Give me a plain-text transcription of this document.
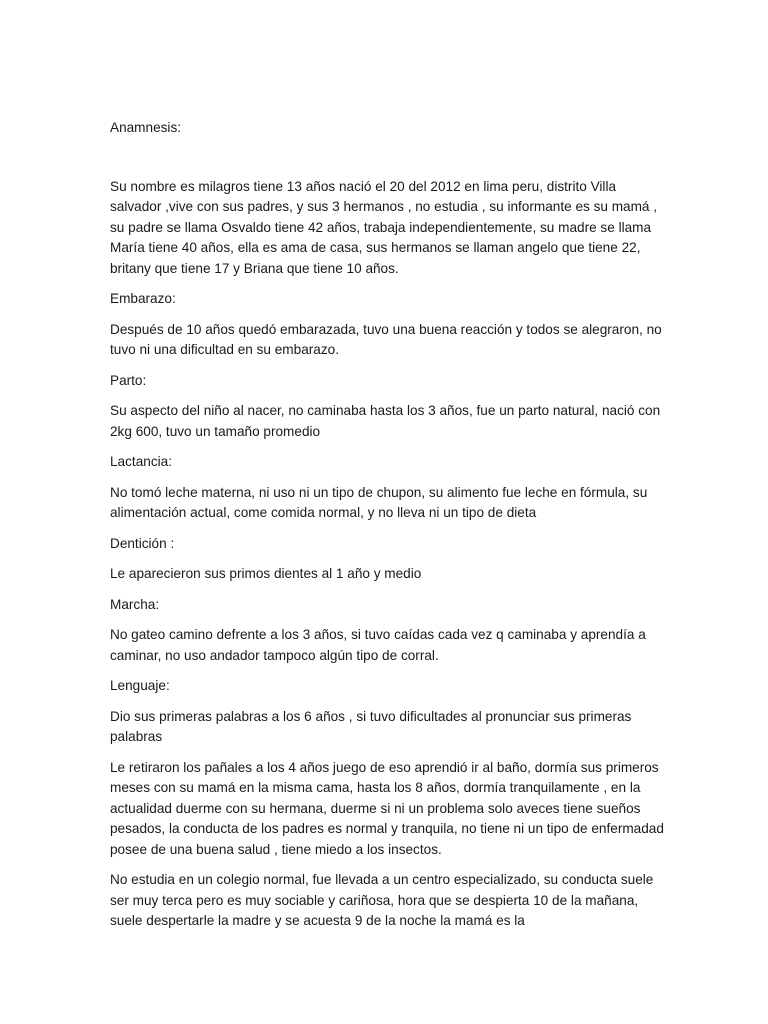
Anamnesis:

Su nombre es milagros tiene 13 años nació el 20 del 2012 en lima peru, distrito Villa salvador ,vive con sus padres, y sus 3 hermanos , no estudia , su informante es su mamá , su padre se llama Osvaldo tiene 42 años, trabaja independientemente, su madre se llama María tiene 40 años, ella es ama de casa, sus hermanos se llaman angelo que tiene 22, britany que tiene 17 y Briana que tiene 10 años.

Embarazo:

Después de 10 años quedó embarazada, tuvo una buena reacción y todos se alegraron, no tuvo ni una dificultad en su embarazo.

Parto:

Su aspecto del niño al nacer, no caminaba hasta los 3 años, fue un parto natural, nació con 2kg 600, tuvo un tamaño promedio

Lactancia:

No tomó leche materna, ni uso ni un tipo de chupon, su alimento fue leche en fórmula, su alimentación actual, come comida normal, y no lleva ni un tipo de dieta

Dentición :

Le aparecieron sus primos dientes al 1 año y medio

Marcha:

No gateo camino defrente a los 3 años, si tuvo caídas cada vez q caminaba y aprendía a caminar, no uso andador tampoco algún tipo de corral.

Lenguaje:

Dio sus primeras palabras a los 6 años , si tuvo dificultades al pronunciar sus primeras palabras

Le retiraron los pañales a los 4 años juego de eso aprendió ir al baño, dormía sus primeros meses con su mamá en la misma cama, hasta los 8 años, dormía tranquilamente , en la actualidad duerme con su hermana, duerme si ni un problema solo aveces tiene sueños pesados, la conducta de los padres es normal y tranquila, no tiene ni un tipo de enfermadad posee de una buena salud , tiene miedo a los insectos.

No estudia en un colegio normal, fue llevada a un centro especializado, su conducta suele ser muy terca pero es muy sociable y cariñosa, hora que se despierta 10 de la mañana, suele despertarle la madre y se acuesta 9 de la noche la mamá es la
